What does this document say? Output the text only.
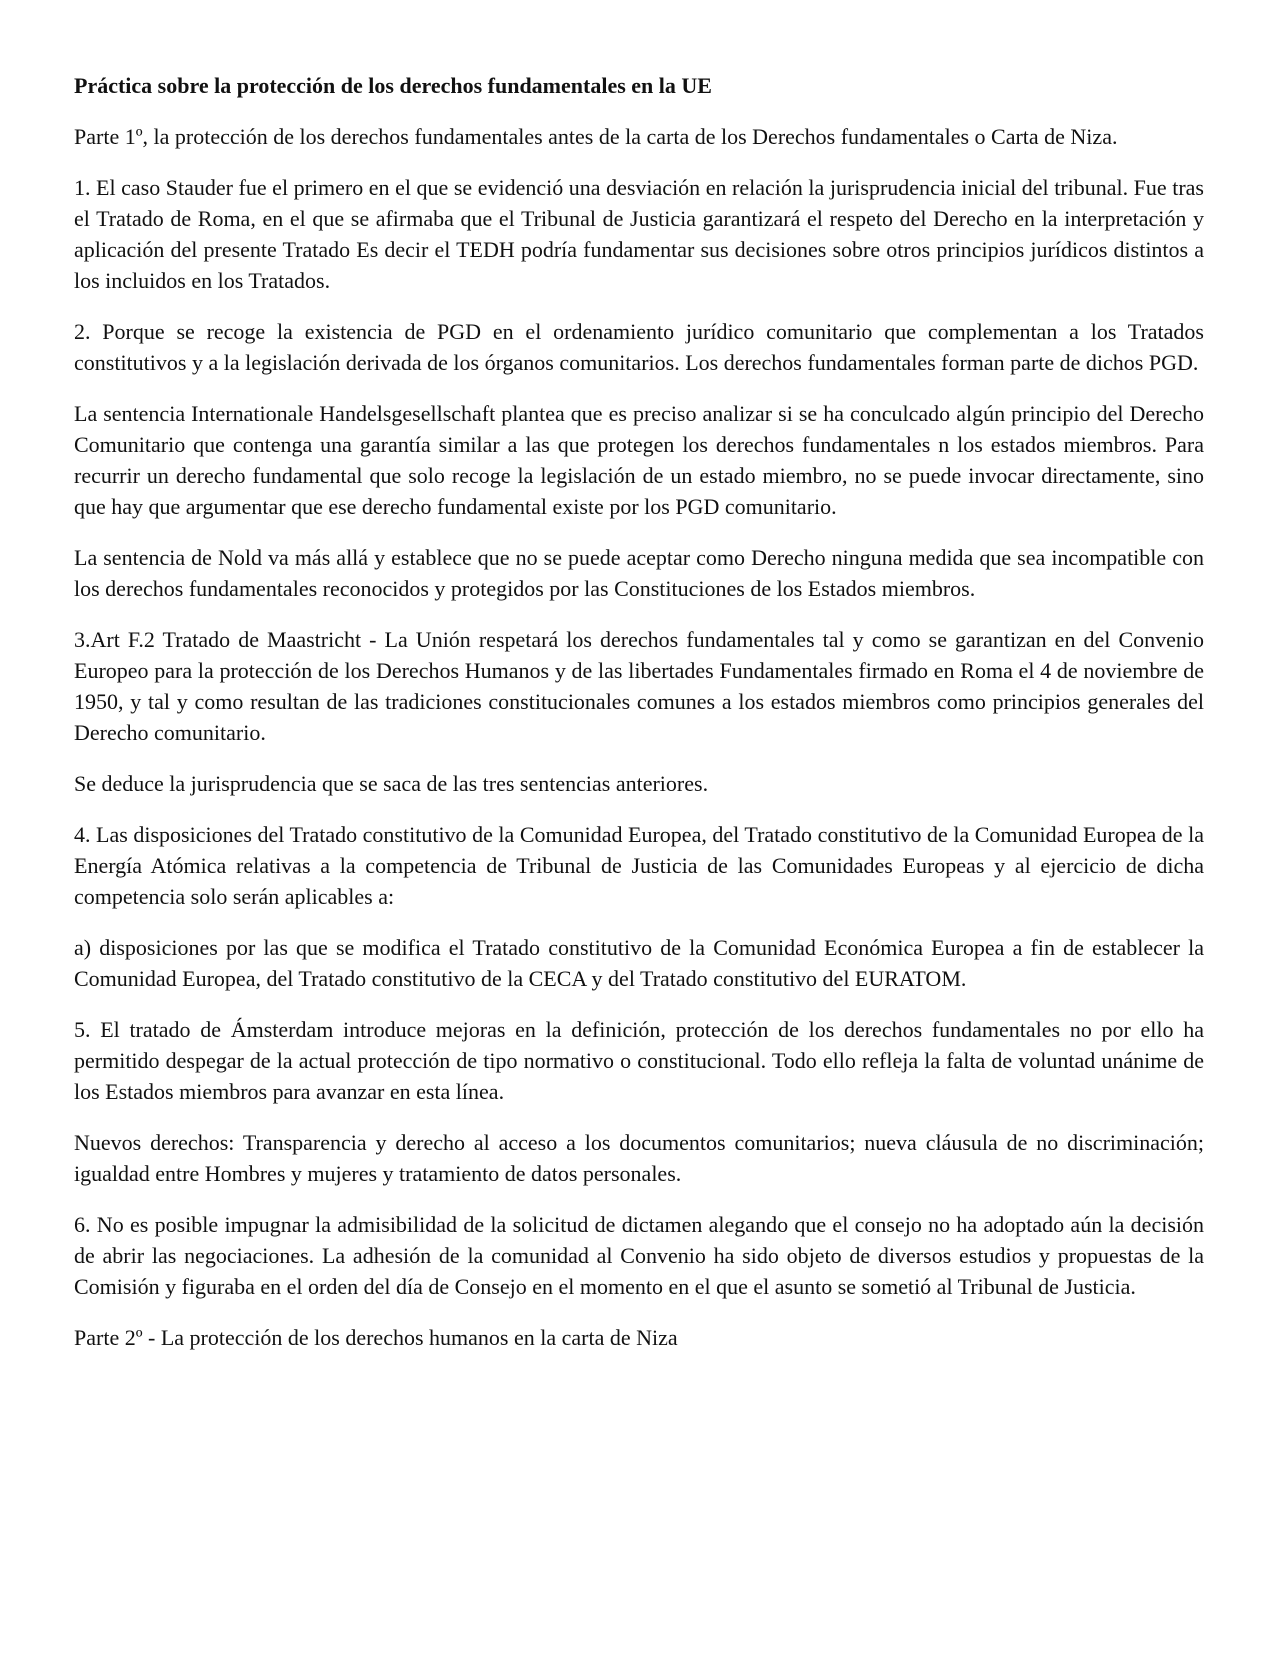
Práctica sobre la protección de los derechos fundamentales en la UE

Parte 1º, la protección de los derechos fundamentales antes de la carta de los Derechos fundamentales o Carta de Niza.

1. El caso Stauder fue el primero en el que se evidenció una desviación en relación la jurisprudencia inicial del tribunal. Fue tras el Tratado de Roma, en el que se afirmaba que el Tribunal de Justicia garantizará el respeto del Derecho en la interpretación y aplicación del presente Tratado Es decir el TEDH podría fundamentar sus decisiones sobre otros principios jurídicos distintos a los incluidos en los Tratados.

2. Porque se recoge la existencia de PGD en el ordenamiento jurídico comunitario que complementan a los Tratados constitutivos y a la legislación derivada de los órganos comunitarios. Los derechos fundamentales forman parte de dichos PGD.

La sentencia Internationale Handelsgesellschaft plantea que es preciso analizar si se ha conculcado algún principio del Derecho Comunitario que contenga una garantía similar a las que protegen los derechos fundamentales n los estados miembros. Para recurrir un derecho fundamental que solo recoge la legislación de un estado miembro, no se puede invocar directamente, sino que hay que argumentar que ese derecho fundamental existe por los PGD comunitario.

La sentencia de Nold va más allá y establece que no se puede aceptar como Derecho ninguna medida que sea incompatible con los derechos fundamentales reconocidos y protegidos por las Constituciones de los Estados miembros.

3.Art F.2 Tratado de Maastricht - La Unión respetará los derechos fundamentales tal y como se garantizan en del Convenio Europeo para la protección de los Derechos Humanos y de las libertades Fundamentales firmado en Roma el 4 de noviembre de 1950, y tal y como resultan de las tradiciones constitucionales comunes a los estados miembros como principios generales del Derecho comunitario.

Se deduce la jurisprudencia que se saca de las tres sentencias anteriores.

4. Las disposiciones del Tratado constitutivo de la Comunidad Europea, del Tratado constitutivo de la Comunidad Europea de la Energía Atómica relativas a la competencia de Tribunal de Justicia de las Comunidades Europeas y al ejercicio de dicha competencia solo serán aplicables a:

a) disposiciones por las que se modifica el Tratado constitutivo de la Comunidad Económica Europea a fin de establecer la Comunidad Europea, del Tratado constitutivo de la CECA y del Tratado constitutivo del EURATOM.

5. El tratado de Ámsterdam introduce mejoras en la definición, protección de los derechos fundamentales no por ello ha permitido despegar de la actual protección de tipo normativo o constitucional. Todo ello refleja la falta de voluntad unánime de los Estados miembros para avanzar en esta línea.

Nuevos derechos: Transparencia y derecho al acceso a los documentos comunitarios; nueva cláusula de no discriminación; igualdad entre Hombres y mujeres y tratamiento de datos personales.

6. No es posible impugnar la admisibilidad de la solicitud de dictamen alegando que el consejo no ha adoptado aún la decisión de abrir las negociaciones. La adhesión de la comunidad al Convenio ha sido objeto de diversos estudios y propuestas de la Comisión y figuraba en el orden del día de Consejo en el momento en el que el asunto se sometió al Tribunal de Justicia.

Parte 2º - La protección de los derechos humanos en la carta de Niza
